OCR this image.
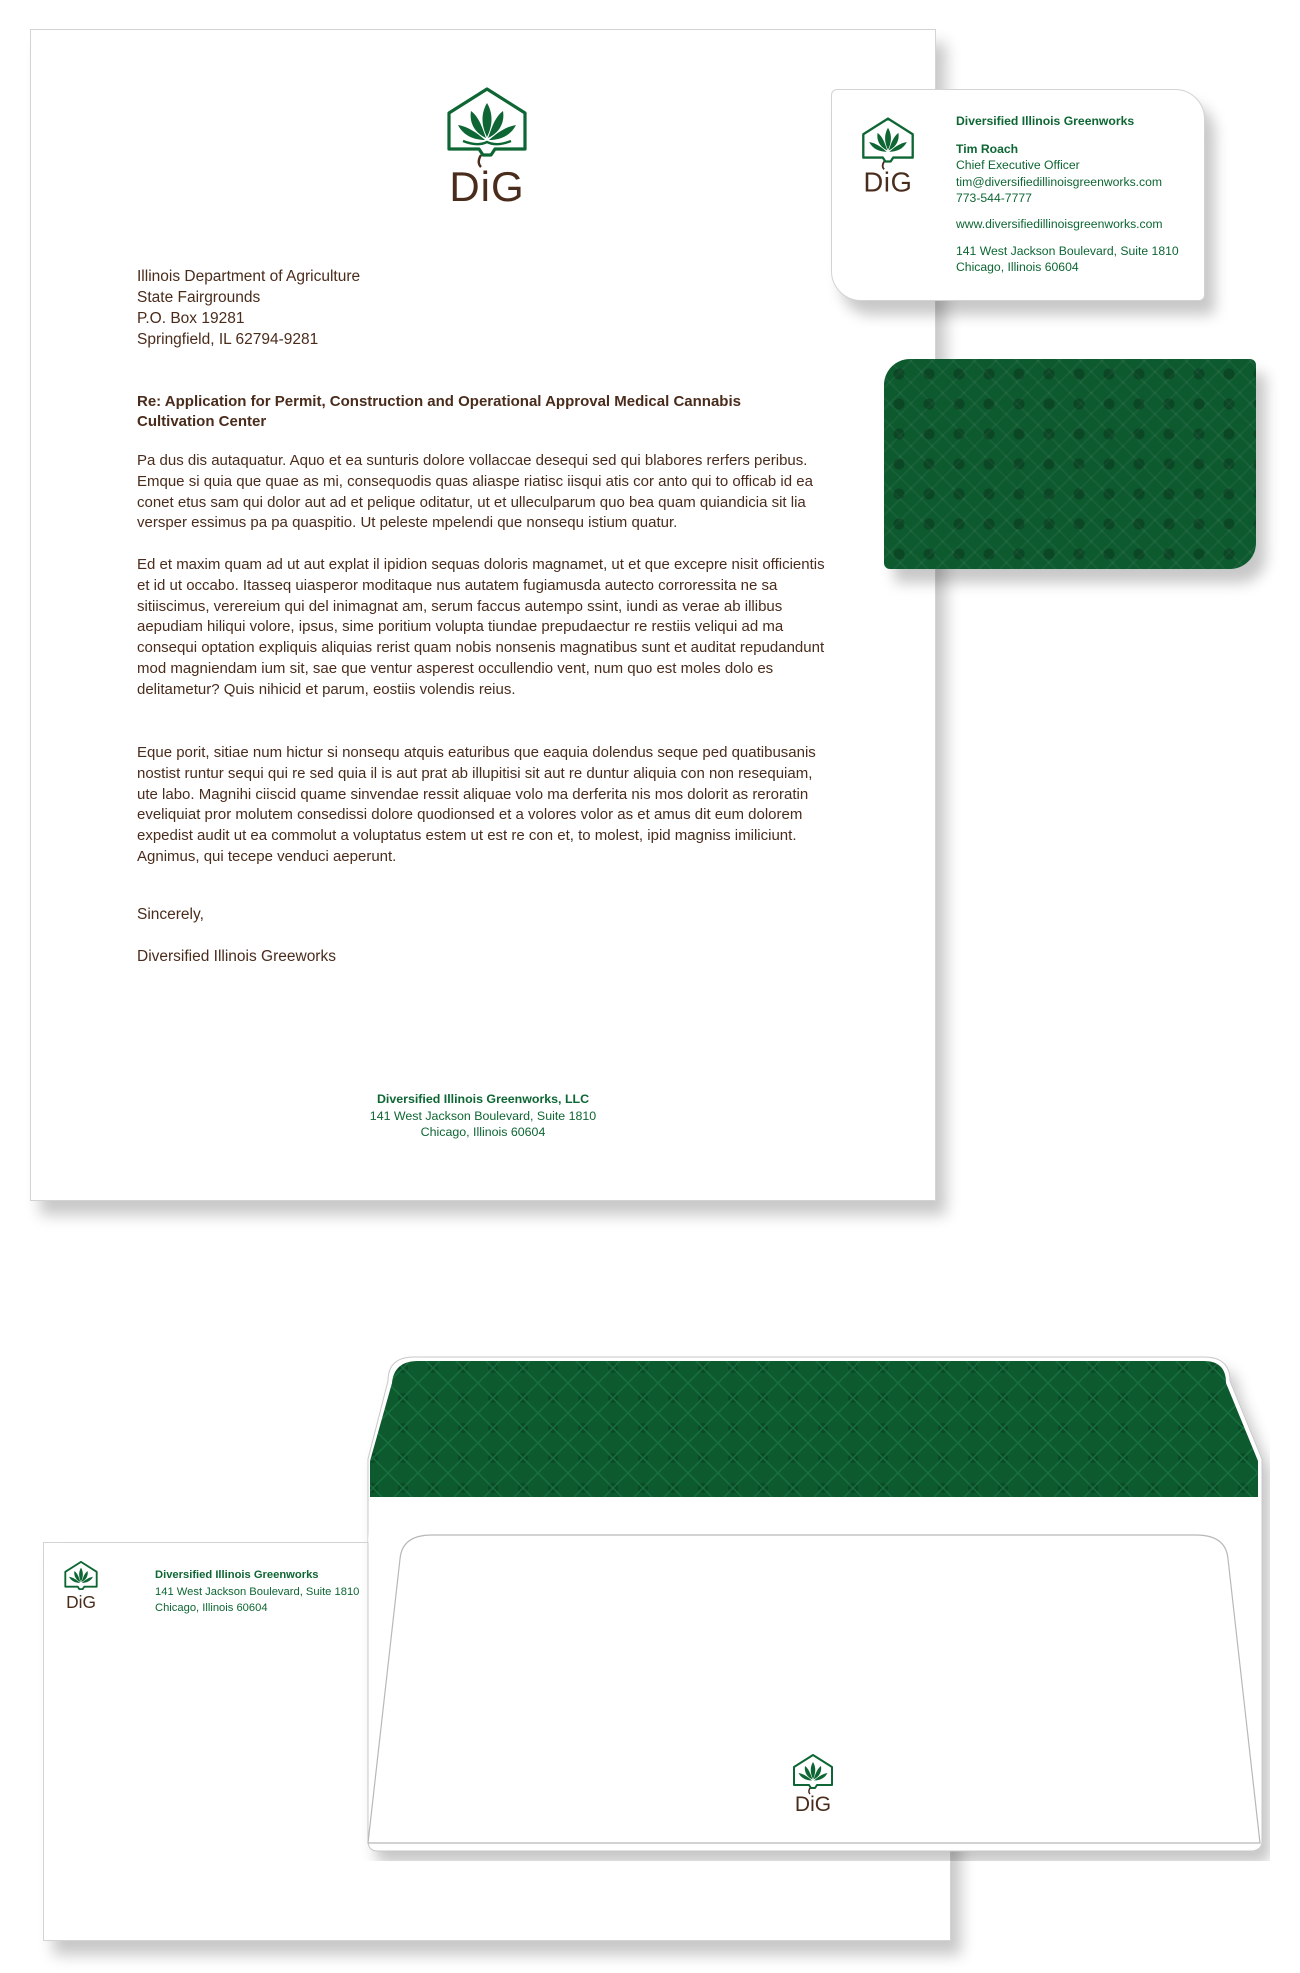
DiG
Illinois Department of Agriculture
State Fairgrounds
P.O. Box 19281
Springfield, IL 62794-9281
Re: Application for Permit, Construction and Operational Approval Medical Cannabis Cultivation Center
Pa dus dis autaquatur. Aquo et ea sunturis dolore vollaccae desequi sed qui blabores rerfers peribus. Emque si quia que quae as mi, consequodis quas aliaspe riatisc iisqui atis cor anto qui to officab id ea conet etus sam qui dolor aut ad et pelique oditatur, ut et ulleculparum quo bea quam quiandicia sit lia versper essimus pa pa quaspitio. Ut peleste mpelendi que nonsequ istium quatur.
Ed et maxim quam ad ut aut explat il ipidion sequas doloris magnamet, ut et que excepre nisit officientis et id ut occabo. Itasseq uiasperor moditaque nus autatem fugiamusda autecto corroressita ne sa sitiiscimus, verereium qui del inimagnat am, serum faccus autempo ssint, iundi as verae ab illibus aepudiam hiliqui volore, ipsus, sime poritium volupta tiundae prepudaectur re restiis veliqui ad ma consequi optation expliquis aliquias rerist quam nobis nonsenis magnatibus sunt et auditat repudandunt mod magniendam ium sit, sae que ventur asperest occullendio vent, num quo est moles dolo es delitametur? Quis nihicid et parum, eostiis volendis reius.
Eque porit, sitiae num hictur si nonsequ atquis eaturibus que eaquia dolendus seque ped quatibusanis nostist runtur sequi qui re sed quia il is aut prat ab illupitisi sit aut re duntur aliquia con non resequiam, ute labo. Magnihi ciiscid quame sinvendae ressit aliquae volo ma derferita nis mos dolorit as reroratin eveliquiat pror molutem consedissi dolore quodionsed et a volores volor as et amus dit eum dolorem expedist audit ut ea commolut a voluptatus estem ut est re con et, to molest, ipid magniss imiliciunt. Agnimus, qui tecepe venduci aeperunt.
Sincerely,
Diversified Illinois Greeworks
Diversified Illinois Greenworks, LLC
141 West Jackson Boulevard, Suite 1810
Chicago, Illinois 60604
DiG
Diversified Illinois Greenworks
Tim Roach
Chief Executive Officer
tim@diversifiedillinoisgreenworks.com
773-544-7777
www.diversifiedillinoisgreenworks.com
141 West Jackson Boulevard, Suite 1810
Chicago, Illinois 60604
DiG
Diversified Illinois Greenworks
141 West Jackson Boulevard, Suite 1810
Chicago, Illinois 60604
DiG
